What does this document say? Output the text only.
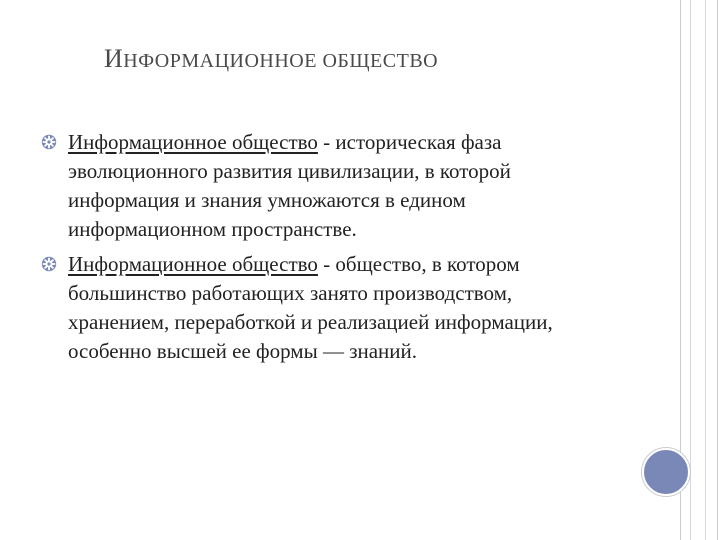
ИНФОРМАЦИОННОЕ ОБЩЕСТВО
Информационное общество - историческая фаза эволюционного развития цивилизации, в которой информация и знания умножаются в едином информационном пространстве.
Информационное общество - общество, в котором большинство работающих занято производством, хранением, переработкой и реализацией информации, особенно высшей ее формы — знаний.
